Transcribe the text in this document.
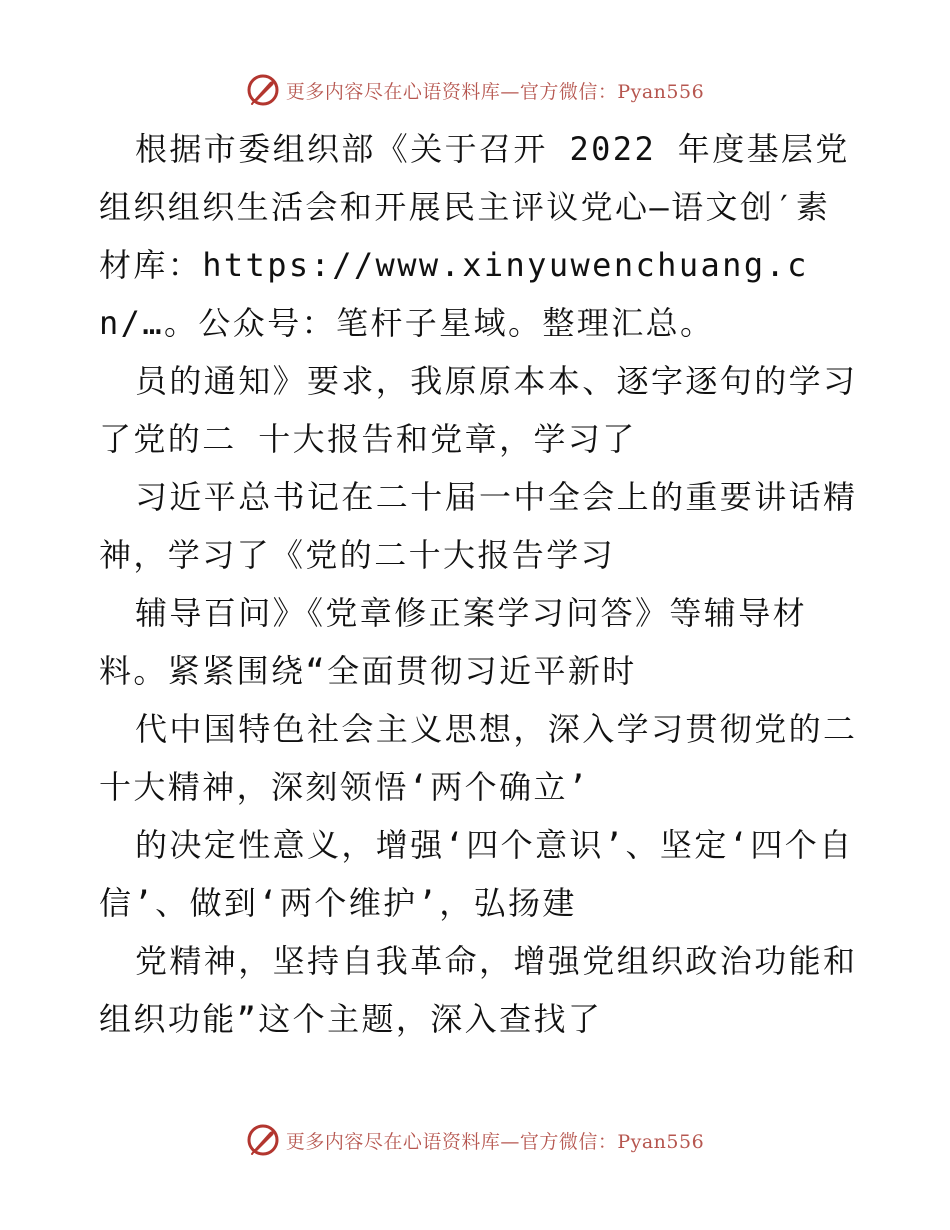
更多内容尽在心语资料库—官方微信：Pyan556

根据市委组织部《关于召开 2022 年度基层党组织组织生活会和开展民主评议党心—语文创′素材库：https://www.xinyuwenchuang.cn/…。公众号：笔杆子星域。整理汇总。

员的通知》要求，我原原本本、逐字逐句的学习了党的二 十大报告和党章，学习了

习近平总书记在二十届一中全会上的重要讲话精神，学习了《党的二十大报告学习

辅导百问》《党章修正案学习问答》等辅导材料。紧紧围绕“全面贯彻习近平新时

代中国特色社会主义思想，深入学习贯彻党的二十大精神，深刻领悟‘两个确立’

的决定性意义，增强‘四个意识’、坚定‘四个自信’、做到‘两个维护’，弘扬建

党精神，坚持自我革命，增强党组织政治功能和组织功能”这个主题，深入查找了

更多内容尽在心语资料库—官方微信：Pyan556
